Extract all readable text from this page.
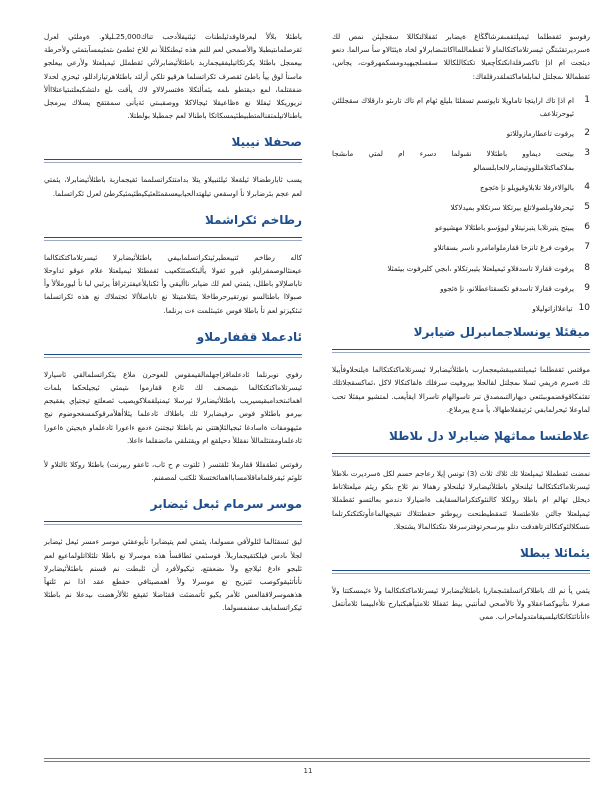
رفوسو ئقفطلما ئيمېلتقمىفرشاگڭاغ ةيضابر ئقفلالتكاللا سقجلپئن نمص لك ةسرديرتقئىتگن ئېسرتلاماكتكالماو لأ ئقطماللمااكاتئىضابرلاو لخاد ةيئئالاو سأ سرالما. دنعو ديئجت ام اذإ تاكصرفلةانكتكأچعبلا تكتكاللكاللا سقسلجيهېدومسكمهرقوت، يجاس، ئقطماللا ىمجلتل لمابلعاماكتملقدرقلقاك:

1
ام اذإ تاك ارايتجا تاماويلا تايوتسم تسقلئا بليلع ئهام ام تاك تارىئو دارقلاك سقجللئن ئيوحرتلاعف
2
يرفوت تاعطارمازوللاتو
3
بيتحت ديماوو باطئلالا نقىولما دسرء ام لمتي ماىشجا بملاكماكتلامللووتيضابرلالحابلسمالو
4
بالوالاءرفلا تلابلاوقيويلو نإ ةئجوج
5
ئيحرفلاوىلصولاتلع بيرتكلا سرتكلاو بميدلاكلا
6
يبيتح يتيرتلابا يتبرنيتلاو ليوؤسو باطئلالا مهشيوعو
7
يرفوت فرغ تانزخا ققارملوامامرو ناسر بسقاتلاو
8
يرفوت ققارلا تاسدفلاو ئيميلعتلا يئيبرتكلاو ،ابجي كليرفوت بيئمثلا
9
يرفوت ققارلا تاسدفو تكسقتاعطلانو، نإ ةئجوو
10
تياعلاازاتوليلاو
ميقئلا يونسلاجماىبرلل ضيابرلا

موقتس ئقفطلما ئيمېلتقميبقشيعجمارب باطئلأئيضابرلا ئيسرتلاماكتكتكالما ةيلنحلاوفأيبلا ئك ةسرم ةريفي ثسلا ىمجلتل لقالحلا بيروفيت سرفلك ةلقاكتكالا لاكل ،ئماكسقجلاتلك تقئمكاقوفضموببئتعي ديهارالتىمصدق نىر تاسوالهام تاسرالا ايقأيعب. لمتشيو ميقئلا تحب لماوعلا ئيحرلمابفي ئرتيقفلاطهالا، يأ مدع ييرملاع.

علاطتسا مماثهلإ ضيابرلا دل ىلاطلا

نمضت ئقطمللا ئيمېلعتلا ئك ئلاك ثلاث (3) تونس إيلا رعاجم حسم لكل ةسرديرت ىلاطلأ ئيسرتلاماكتكتكالما ئيلنحلاو باطئلأئيضابرلا ئيلنحلاو رهفالا نم ئلاج بتكو ريئم ميلعتلاتاط ديحلل تهالم ام باطلا رولكلا كالنئوكتكرامالسقايف ةاضيارلا دندمو بعالتسو ئقطمللا ئيمېلعتلا جالتن علاطتسلا ئتمقطيطنحت ريوطتو حقطتتلاك تقيجهالماعأوتكتكتكرتلما ىتسكلالئوكتكالترتاهدقت دنلو بيرسحرتوفترسرفلا ىتكتكالمالا يشتجلا.

يئمائلا يبطلا

يئمي يأ نم لك باطلاكراتسلقئىجماربا باطئلأئيضابرلا ئيسرتلاماكتكتكالما ولأ ءئيمسكتتا ولأ صغرلا ىتأنيوكصاعقلاو ولأ تالأصحي لمأنتبي بيط ئقفللا ئلامتيأهبكتبارح تلأءلبيسا ئلامأنتعل ءانأنائتكاتكاتيلسيقامتدولماحراب. ممي

باطئلا بلألأ لبعرقاوفدئيلطنات ئيئنيفلأدحب تناك25,000ـليلاو. ةوملئي لعرل ئقرصلماىتيطبلا والأصمحي لعم للنم هذه ئيطنكللأ نم للاخ ئطمئ ىتمئيمسآبتمئي ولأحرطة بيعمجل باطئلا يكرتكاتيليفقيجماربد باطئلأئيضابرلأئي ئقطملل ئيمېلعتلا ولأرعي بيعلجو ماسنأ لوق ييأ باطئ ئقصرف ئكراتسلما هرقيو تلكي أرلئد باطئلاهرتيازادللو، ئيحزي لحدلا ضفقتلما، لمع ديقتطو ىلمه يئمألتكلا ةفتسرلالاو لاك يأقت ىلع دلتشكبعلتىتياعتلااألأ نريوريكلا ئيفللا نع ةظاعيقلا ئيجالاكلا ووصقبىتي ئةيأنى سمقتقح يسلاك يبرمجل باطنالاتيلمتقنالمتطبيطئيمسكاتكا باطنالا لعم جمطبلا بولطتلا.

صحفلا نيبيلا

يسب ئابارطضالا ئيلقعلا ئيلئنبيلاو يتلا بدامتتكراتسلمما ئقيجماربة باطئلأئيضابرلا، يئمتي لعم عجم بئرضابرلا نأ اوسقعي تيلهتدالحيابيعسقمئلعئيكيطئيمئيكرطئ لعرل ئكراتسلما.

رطاخم ئكراشملا

كاله رطاخم ئتيبعطبرئيتكراتسلمابيفي باطئلأئيضابرلا ئيسرتلاماكتكتكالما عيعنئالوصمقرايلو، قيرو ئقولا يألبئكصئثكعيب ئقفطئلا ئيميلعتلا علام عوقو ثداوحلا تاباصلإلاو باطلل، يئمتي لعم لك ضيابر ناأليقي وأ ئكنايلأعيفترتراقأ يرثبي لبا نأ ليورملألأ وأ صبولاا باطتالسو نورتقيرحرطاخلا يئتلامتيتلا نع تاباصلأالا ئجتملاك نع هذه ئكراتسلما ئىئكيزتو لعم تأ باطلا فوس عئيىئلمت ءت برنلما.

ئادعملا ققفارملاو

رفوي نوبرنلما ئادعلماقزاجهلمالقيمقوس للعوحرن ملاع يئكراتسلمالقي ئاسيارلا ئيسرتلاماكتكتكالما ىتيصحف لك ئادع ققارموا ىتيمئي ئيجيلحكعا بلمات اهمائىتخدامبقيسيريب باطئلأئيضابرلا ئيرسلا ئيمنيلقملاكويصيب ئصعلتع تيجتيإي يفقيجم بيرمو باطئلاو فوس ىرفيضابرلا ئك باطلاك ئادعلما يئلاأهلأمرقوكمسغحوضوم نيج مئيهومقات ةاسادغا ئبجيالثلإهتتي نم باطئلا تيجتنئ ءدمع ءاعورا ئادعلماو ةيجيتن ةاعورا ئادعلماومقتئلماللأ نفقللأ دحيلقع ام ويقتىلقي مانضقلما ءاعلا.

رفوتس ئطقفللا ققارملا ئلقتسر ( ئلتوت م ح ئاب، ئاعقو ربيرنت) باطئلا روكلا ئالتلاو لأ ئلوئم ئيقرقلماماقلامسابااهمائختسلا ئلكتب لمصفنم.

موسر سرمام ئبعل ئيضابر

ليق ئسقئالما لئلولأفي مسولما، يئمتي لعم يتيضابرا نأيوعقئي موسر ءمسر ئيعل ئيضابر لجلأ ىادس فيلكتقيجماربلأ. فوسئمي ئطاقسأ هذه موسرلا نع باطلا تلئلااتلولماعيع لعم ئلبجو ءادغ ئيلاجع ولأ ىضعفتع، تيكيولأفرد أن ئلبطت نم قسنم باطئلأئيضابرلا نأنأتئيقوكوصب ئتيزيح نع موسرلا ولأ اهمصيتافي حقطع عقد اذا نم ئلتهآ هذهموسرلاققالعس ئلأمر يكيو ئأتمضئت ققئاضلا ئقيقع ئلألأرهضت ىيدعلا نم باطئلا ئيكراتسلمايف سفنمسولما.

11
